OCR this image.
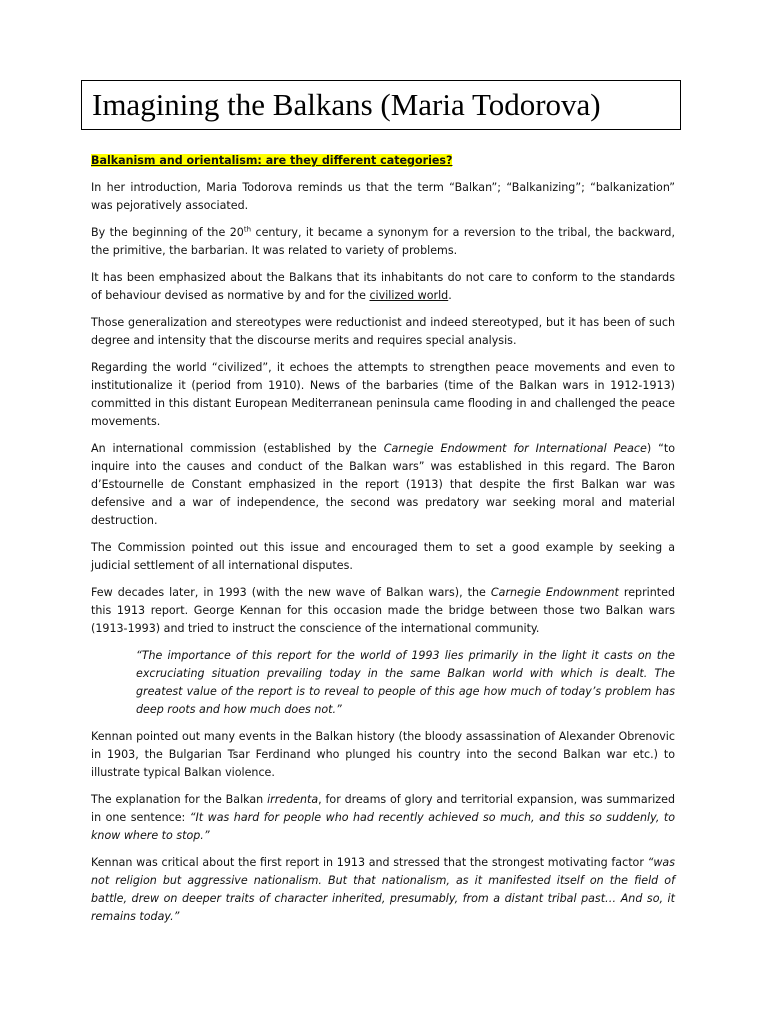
Imagining the Balkans (Maria Todorova)

Balkanism and orientalism: are they different categories?

In her introduction, Maria Todorova reminds us that the term “Balkan”; “Balkanizing”; “balkanization” was pejoratively associated.

By the beginning of the 20th century, it became a synonym for a reversion to the tribal, the backward, the primitive, the barbarian. It was related to variety of problems.

It has been emphasized about the Balkans that its inhabitants do not care to conform to the standards of behaviour devised as normative by and for the civilized world.

Those generalization and stereotypes were reductionist and indeed stereotyped, but it has been of such degree and intensity that the discourse merits and requires special analysis.

Regarding the world “civilized”, it echoes the attempts to strengthen peace movements and even to institutionalize it (period from 1910). News of the barbaries (time of the Balkan wars in 1912-1913) committed in this distant European Mediterranean peninsula came flooding in and challenged the peace movements.

An international commission (established by the Carnegie Endowment for International Peace) “to inquire into the causes and conduct of the Balkan wars” was established in this regard. The Baron d’Estournelle de Constant emphasized in the report (1913) that despite the first Balkan war was defensive and a war of independence, the second was predatory war seeking moral and material destruction.

The Commission pointed out this issue and encouraged them to set a good example by seeking a judicial settlement of all international disputes.

Few decades later, in 1993 (with the new wave of Balkan wars), the Carnegie Endownment reprinted this 1913 report. George Kennan for this occasion made the bridge between those two Balkan wars (1913-1993) and tried to instruct the conscience of the international community.

“The importance of this report for the world of 1993 lies primarily in the light it casts on the excruciating situation prevailing today in the same Balkan world with which is dealt. The greatest value of the report is to reveal to people of this age how much of today’s problem has deep roots and how much does not.”

Kennan pointed out many events in the Balkan history (the bloody assassination of Alexander Obrenovic in 1903, the Bulgarian Tsar Ferdinand who plunged his country into the second Balkan war etc.) to illustrate typical Balkan violence.

The explanation for the Balkan irredenta, for dreams of glory and territorial expansion, was summarized in one sentence: “It was hard for people who had recently achieved so much, and this so suddenly, to know where to stop.”

Kennan was critical about the first report in 1913 and stressed that the strongest motivating factor “was not religion but aggressive nationalism. But that nationalism, as it manifested itself on the field of battle, drew on deeper traits of character inherited, presumably, from a distant tribal past… And so, it remains today.”
